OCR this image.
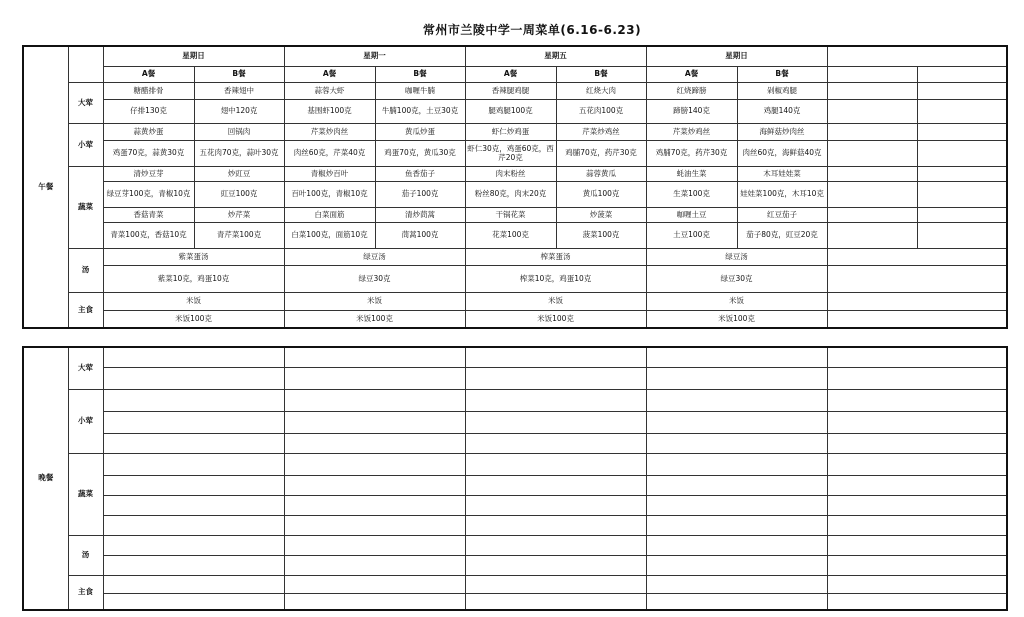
常州市兰陵中学一周菜单(6.16-6.23)
午餐		星期日		星期一		星期五		星期日			
		A餐	B餐	A餐	B餐	A餐	B餐	A餐	B餐		
	大荤	糖醋排骨	香辣翅中	蒜蓉大虾	咖喱牛腩	香辣腿鸡腿	红烧大肉	红烧蹄膀	剁椒鸡腿		
		仔排130克	翅中120克	基围虾100克	牛腩100克，土豆30克	腿鸡腿100克	五花肉100克	蹄膀140克	鸡腿140克		
	小荤	蒜黄炒蛋	回锅肉	芹菜炒肉丝	黄瓜炒蛋	虾仁炒鸡蛋	芹菜炒鸡丝	芹菜炒鸡丝	海鲜菇炒肉丝		
		鸡蛋70克，蒜黄30克	五花肉70克，蒜叶30克	肉丝60克，芹菜40克	鸡蛋70克，黄瓜30克	虾仁30克，鸡蛋60克，西芹20克	鸡脯70克，药芹30克	鸡脯70克，药芹30克	肉丝60克，海鲜菇40克		
	蔬菜	清炒豆芽	炒豇豆	青椒炒百叶	鱼香茄子	肉末粉丝	蒜蓉黄瓜	蚝油生菜	木耳娃娃菜		
		绿豆芽100克，青椒10克	豇豆100克	百叶100克，青椒10克	茄子100克	粉丝80克，肉末20克	黄瓜100克	生菜100克	娃娃菜100克，木耳10克		
		香菇青菜	炒芹菜	白菜面筋	清炒茼蒿	干锅花菜	炒菠菜	咖喱土豆	红豆茄子		
		青菜100克，香菇10克	青芹菜100克	白菜100克，面筋10克	茼蒿100克	花菜100克	菠菜100克	土豆100克	茄子80克，豇豆20克		
	汤	紫菜蛋汤		绿豆汤		榨菜蛋汤		绿豆汤			
		紫菜10克，鸡蛋10克		绿豆30克		榨菜10克，鸡蛋10克		绿豆30克			
	主食	米饭		米饭		米饭		米饭			
		米饭100克		米饭100克		米饭100克		米饭100克			
晚餐	大荤					

	小荤					

	蔬菜					

	汤					

	主食					
